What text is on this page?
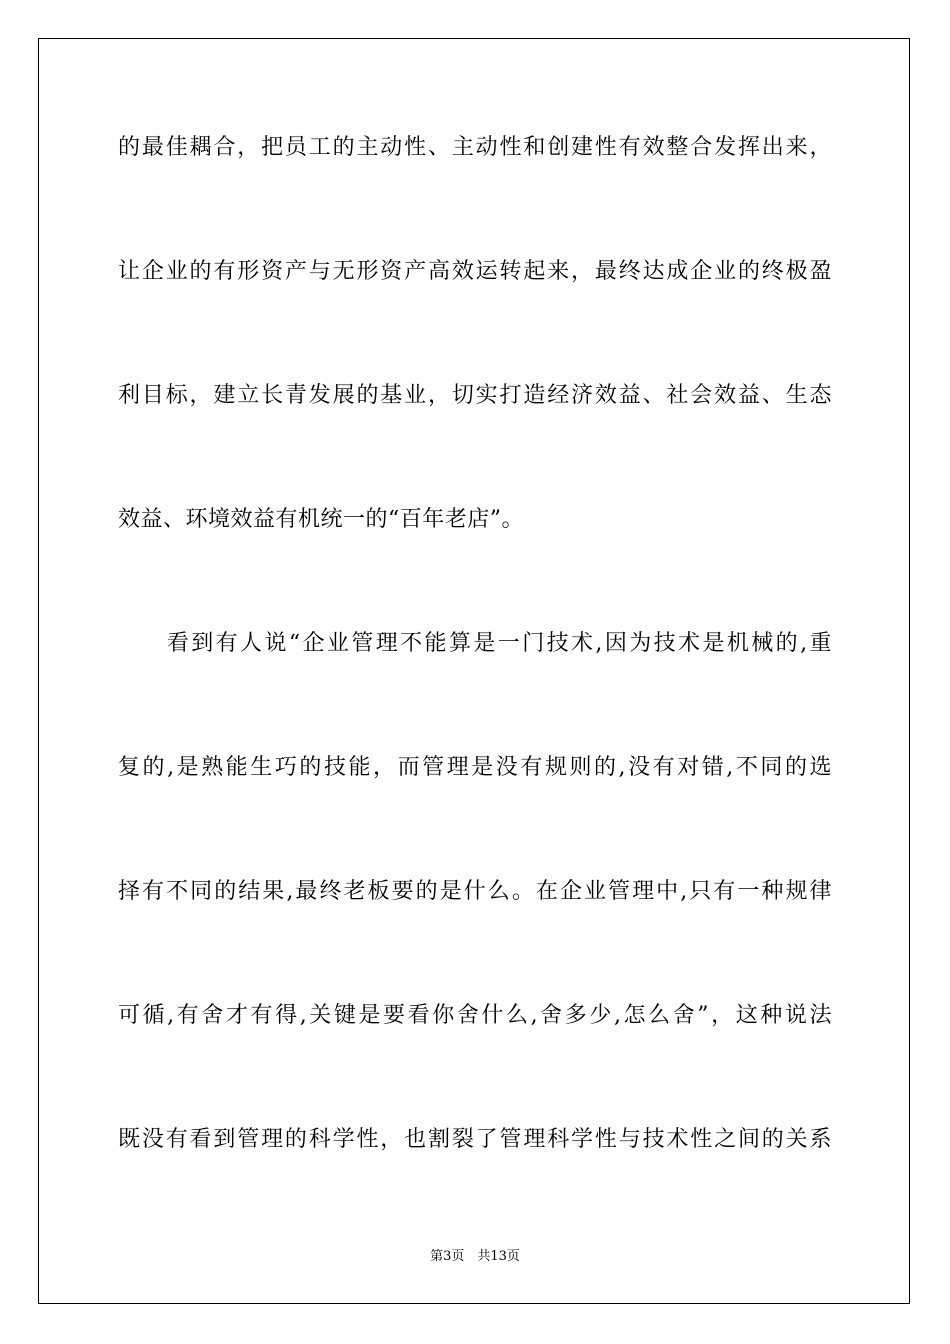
的最佳耦合，把员工的主动性、主动性和创建性有效整合发挥出来，
让企业的有形资产与无形资产高效运转起来，最终达成企业的终极盈
利目标，建立长青发展的基业，切实打造经济效益、社会效益、生态
效益、环境效益有机统一的“百年老店”。
　　看到有人说“企业管理不能算是一门技术,因为技术是机械的,重
复的,是熟能生巧的技能，而管理是没有规则的,没有对错,不同的选
择有不同的结果,最终老板要的是什么。在企业管理中,只有一种规律
可循,有舍才有得,关键是要看你舍什么,舍多少,怎么舍”，这种说法
既没有看到管理的科学性，也割裂了管理科学性与技术性之间的关系
第3页　共13页
